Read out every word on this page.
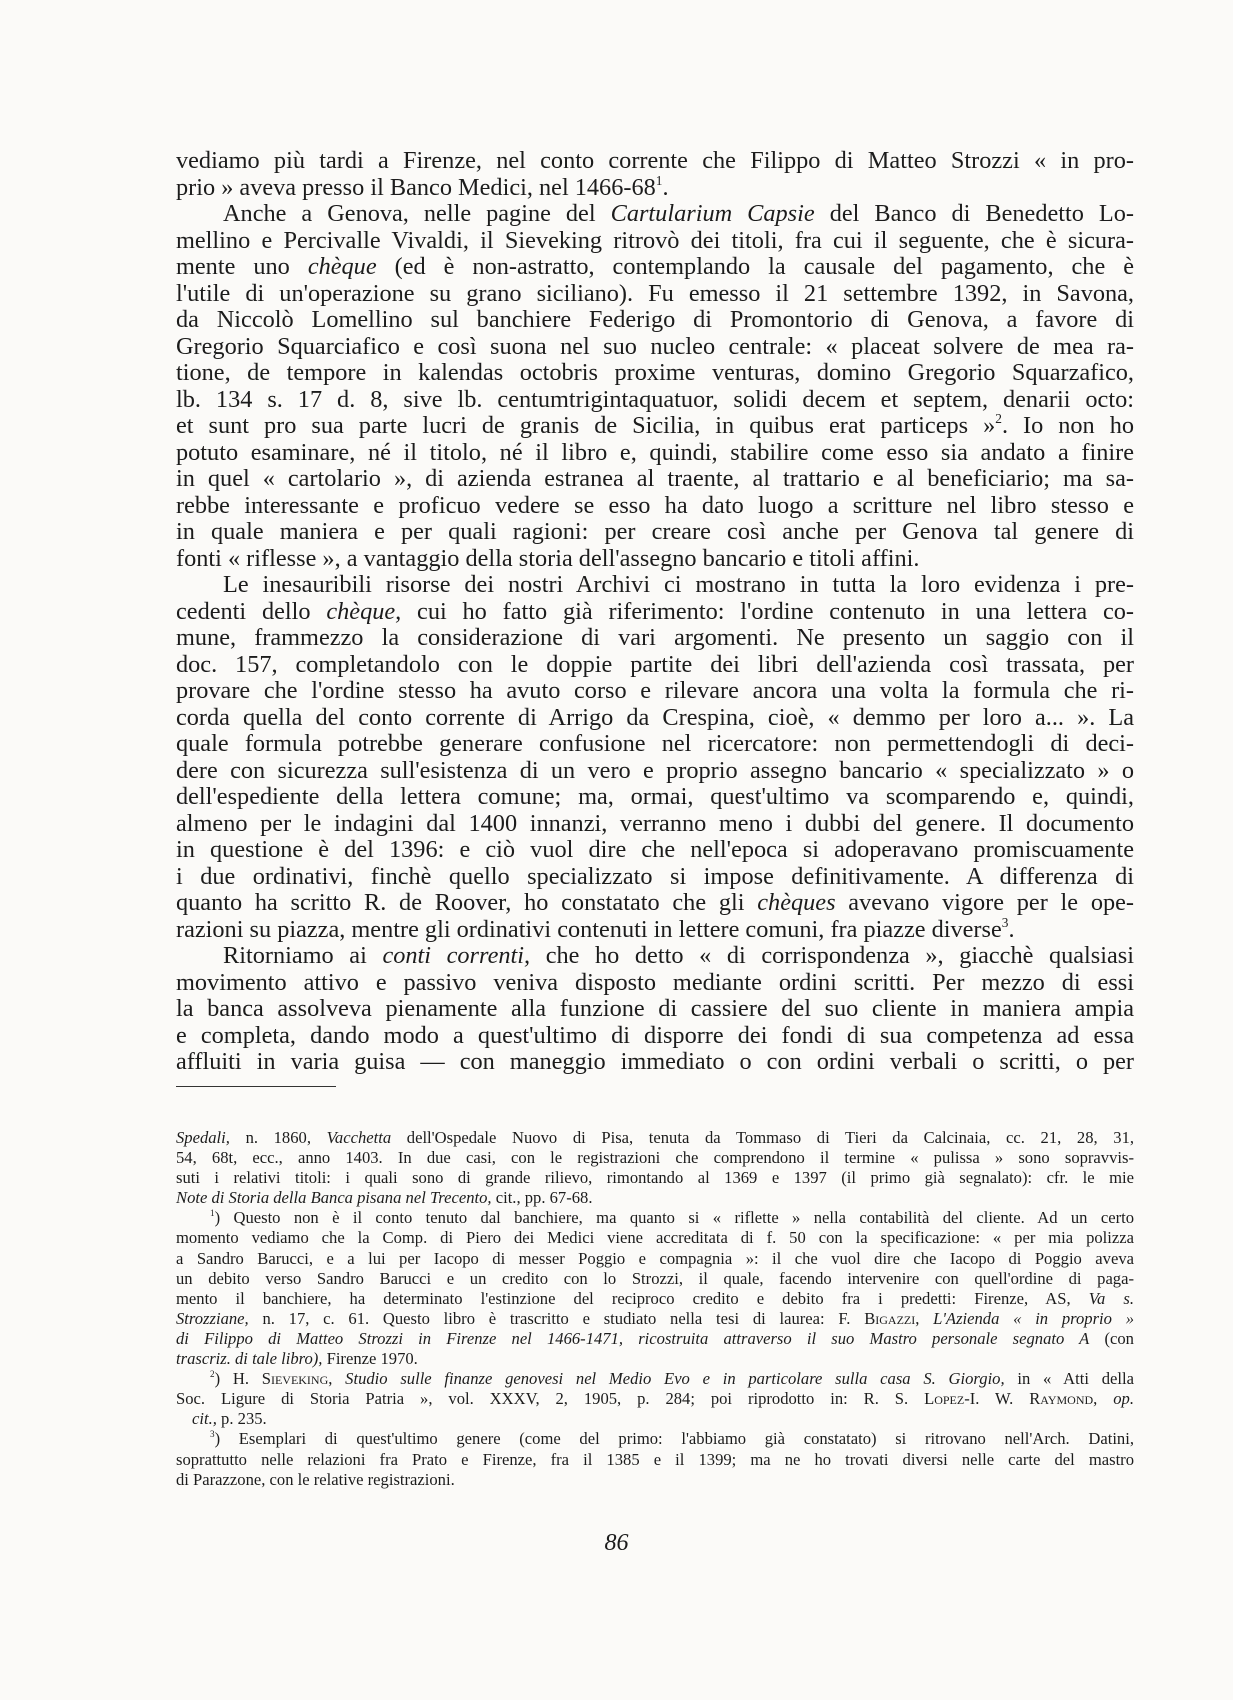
vediamo più tardi a Firenze, nel conto corrente che Filippo di Matteo Strozzi « in pro-
prio » aveva presso il Banco Medici, nel $1466-68^1$.
Anche a Genova, nelle pagine del Cartularium Capsie del Banco di Benedetto Lo-
mellino e Percivalle Vivaldi, il Sieveking ritrovò dei titoli, fra cui il seguente, che è sicura-
mente uno chèque (ed è non-astratto, contemplando la causale del pagamento, che è
l'utile di un'operazione su grano siciliano). Fu emesso il 21 settembre 1392, in Savona,
da Niccolò Lomellino sul banchiere Federigo di Promontorio di Genova, a favore di
Gregorio Squarciafico e così suona nel suo nucleo centrale: « placeat solvere de mea ra-
tione, de tempore in kalendas octobris proxime venturas, domino Gregorio Squarzafico,
lb. 134 s. 17 d. 8, sive lb. centumtrigintaquatuor, solidi decem et septem, denarii octo:
et sunt pro sua parte lucri de granis de Sicilia, in quibus erat particeps »$^2$. Io non ho
potuto esaminare, né il titolo, né il libro e, quindi, stabilire come esso sia andato a finire
in quel « cartolario », di azienda estranea al traente, al trattario e al beneficiario; ma sa-
rebbe interessante e proficuo vedere se esso ha dato luogo a scritture nel libro stesso e
in quale maniera e per quali ragioni: per creare così anche per Genova tal genere di
fonti « riflesse », a vantaggio della storia dell'assegno bancario e titoli affini.
Le inesauribili risorse dei nostri Archivi ci mostrano in tutta la loro evidenza i pre-
cedenti dello chèque, cui ho fatto già riferimento: l'ordine contenuto in una lettera co-
mune, frammezzo la considerazione di vari argomenti. Ne presento un saggio con il
doc. 157, completandolo con le doppie partite dei libri dell'azienda così trassata, per
provare che l'ordine stesso ha avuto corso e rilevare ancora una volta la formula che ri-
corda quella del conto corrente di Arrigo da Crespina, cioè, « demmo per loro a... ». La
quale formula potrebbe generare confusione nel ricercatore: non permettendogli di deci-
dere con sicurezza sull'esistenza di un vero e proprio assegno bancario « specializzato » o
dell'espediente della lettera comune; ma, ormai, quest'ultimo va scomparendo e, quindi,
almeno per le indagini dal 1400 innanzi, verranno meno i dubbi del genere. Il documento
in questione è del 1396: e ciò vuol dire che nell'epoca si adoperavano promiscuamente
i due ordinativi, finchè quello specializzato si impose definitivamente. A differenza di
quanto ha scritto R. de Roover, ho constatato che gli chèques avevano vigore per le ope-
razioni su piazza, mentre gli ordinativi contenuti in lettere comuni, fra piazze diverse$^3$.
Ritorniamo ai conti correnti, che ho detto « di corrispondenza », giacchè qualsiasi
movimento attivo e passivo veniva disposto mediante ordini scritti. Per mezzo di essi
la banca assolveva pienamente alla funzione di cassiere del suo cliente in maniera ampia
e completa, dando modo a quest'ultimo di disporre dei fondi di sua competenza ad essa
affluiti in varia guisa — con maneggio immediato o con ordini verbali o scritti, o per
Spedali, n. 1860, Vacchetta dell'Ospedale Nuovo di Pisa, tenuta da Tommaso di Tieri da Calcinaia, cc. 21, 28, 31,
54, 68t, ecc., anno 1403. In due casi, con le registrazioni che comprendono il termine « pulissa » sono sopravvis-
suti i relativi titoli: i quali sono di grande rilievo, rimontando al 1369 e 1397 (il primo già segnalato): cfr. le mie
Note di Storia della Banca pisana nel Trecento, cit., pp. 67-68.
$^1$) Questo non è il conto tenuto dal banchiere, ma quanto si « riflette » nella contabilità del cliente. Ad un certo
momento vediamo che la Comp. di Piero dei Medici viene accreditata di f. 50 con la specificazione: « per mia polizza
a Sandro Barucci, e a lui per Iacopo di messer Poggio e compagnia »: il che vuol dire che Iacopo di Poggio aveva
un debito verso Sandro Barucci e un credito con lo Strozzi, il quale, facendo intervenire con quell'ordine di paga-
mento il banchiere, ha determinato l'estinzione del reciproco credito e debito fra i predetti: Firenze, AS, Va s.
Strozziane, n. 17, c. 61. Questo libro è trascritto e studiato nella tesi di laurea: F. Bigazzi, L'Azienda « in proprio »
di Filippo di Matteo Strozzi in Firenze nel 1466-1471, ricostruita attraverso il suo Mastro personale segnato A (con
trascriz. di tale libro), Firenze 1970.
$^2$) H. Sieveking, Studio sulle finanze genovesi nel Medio Evo e in particolare sulla casa S. Giorgio, in « Atti della
Soc. Ligure di Storia Patria », vol. XXXV, 2, 1905, p. 284; poi riprodotto in: R. S. Lopez-I. W. Raymond, op.
cit., p. 235.
$^3$) Esemplari di quest'ultimo genere (come del primo: l'abbiamo già constatato) si ritrovano nell'Arch. Datini,
soprattutto nelle relazioni fra Prato e Firenze, fra il 1385 e il 1399; ma ne ho trovati diversi nelle carte del mastro
di Parazzone, con le relative registrazioni.
86
